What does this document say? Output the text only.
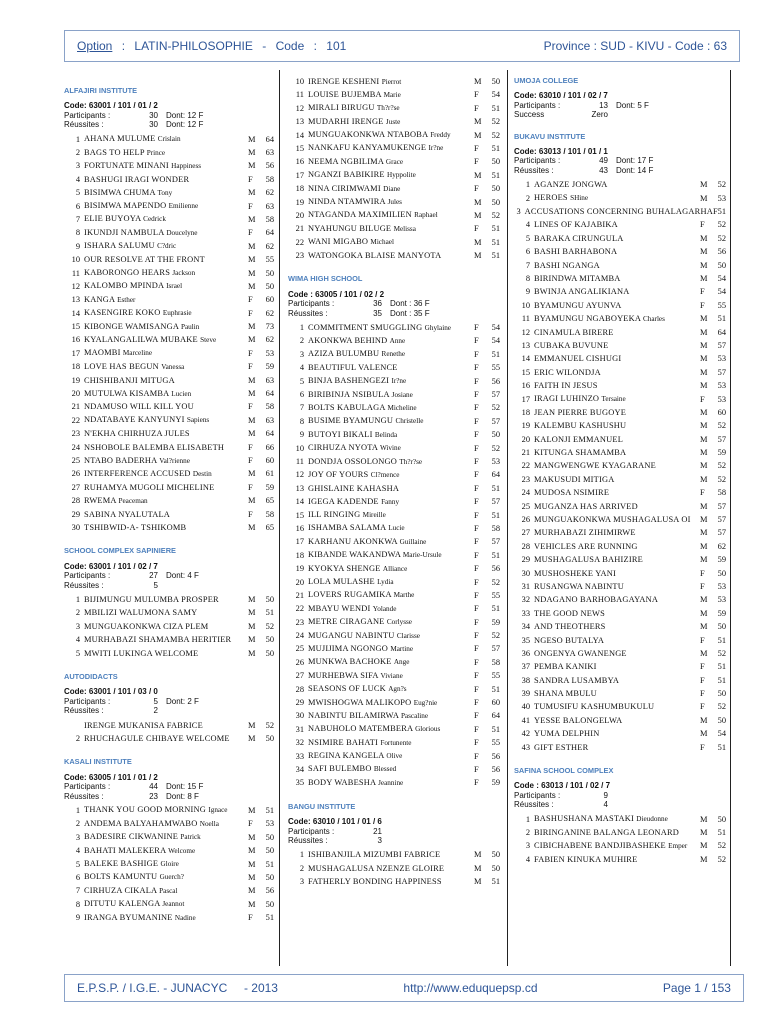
Option : LATIN-PHILOSOPHIE - Code : 101	Province : SUD - KIVU - Code : 63
ALFAJIRI INSTITUTE
Code: 63001 / 101 / 01 / 2
Participants :	30	Dont: 12 F
Réussites :	30	Dont: 12 F
1 AHANA MULUME Crislain	M	64
2 BAGS TO HELP Prince	M	63
3 FORTUNATE MINANI Happiness	M	56
4 BASHUGI IRAGI WONDER	F	58
5 BISIMWA CHUMA Tony	M	62
6 BISIMWA MAPENDO Emilienne	F	63
7 ELIE BUYOYA Cedrick	M	58
8 IKUNDJI NAMBULA Doucelyne	F	64
9 ISHARA SALUMU C?dric	M	62
10 OUR RESOLVE AT THE FRONT	M	55
11 KABORONGO HEARS Jackson	M	50
12 KALOMBO MPINDA Israel	M	50
13 KANGA Esther	F	60
14 KASENGIRE KOKO Euphrasie	F	62
15 KIBONGE WAMISANGA Paulin	M	73
16 KYALANGALILWA MUBAKE Steve	M	62
17 MAOMBI Marceline	F	53
18 LOVE HAS BEGUN Vanessa	F	59
19 CHISHIBANJI MITUGA	M	63
20 MUTULWA KISAMBA Lucien	M	64
21 NDAMUSO WILL KILL YOU	F	58
22 NDATABAYE KANYUNYI Sapiens	M	63
23 N'EKHA CHIRHUZA JULES	M	64
24 NSHOBOLE BALEMBA ELISABETH	F	66
25 NTABO BADERHA Val?rienne	F	60
26 INTERFERENCE ACCUSED Destin	M	61
27 RUHAMYA MUGOLI MICHELINE	F	59
28 RWEMA Peaceman	M	65
29 SABINA NYALUTALA	F	58
30 TSHIBWID-A- TSHIKOMB	M	65
SCHOOL COMPLEX SAPINIERE
Code: 63001 / 101 / 02 / 7
Participants :	27	Dont: 4 F
Réussites :	5
1 BIJIMUNGU MULUMBA PROSPER	M	50
2 MBILIZI WALUMONA SAMY	M	51
3 MUNGUAKONKWA CIZA PLEM	M	52
4 MURHABAZI SHAMAMBA HERITIER	M	50
5 MWITI LUKINGA WELCOME	M	50
AUTODIDACTS
Code: 63001 / 101 / 03 / 0
Participants :	5	Dont: 2 F
Réussites :	2
IRENGE MUKANISA FABRICE	M	52
2 RHUCHAGULE CHIBAYE WELCOME	M	50
KASALI INSTITUTE
Code: 63005 / 101 / 01 / 2
Participants :	44	Dont: 15 F
Réussites :	23	Dont: 8 F
1 THANK YOU GOOD MORNING Ignace	M	51
2 ANDEMA BALYAHAMWABO Noella	F	53
3 BADESIRE CIKWANINE Patrick	M	50
4 BAHATI MALEKERA Welcome	M	50
5 BALEKE BASHIGE Gloire	M	51
6 BOLTS KAMUNTU Guerch?	M	50
7 CIRHUZA CIKALA Pascal	M	56
8 DITUTU KALENGA Jeannot	M	50
9 IRANGA BYUMANINE Nadine	F	51
10 IRENGE KESHENI Pierrot	M	50
11 LOUISE BUJEMBA Marie	F	54
12 MIRALI BIRUGU Th?r?se	F	51
13 MUDARHI IRENGE Juste	M	52
14 MUNGUAKONKWA NTABOBA Freddy	M	52
15 NANKAFU KANYAMUKENGE Ir?ne	F	51
16 NEEMA NGBILIMA Grace	F	50
17 NGANZI BABIKIRE Hyppolite	M	51
18 NINA CIRIMWAMI Diane	F	50
19 NINDA NTAMWIRA Jules	M	50
20 NTAGANDA MAXIMILIEN Raphael	M	52
21 NYAHUNGU BILUGE Melissa	F	51
22 WANI MIGABO Michael	M	51
23 WATONGOKA BLAISE MANYOTA	M	51
WIMA HIGH SCHOOL
Code : 63005 / 101 / 02 / 2
Participants :	36	Dont : 36 F
Réussites :	35	Dont : 35 F
1 COMMITMENT SMUGGLING Ghylaine	F	54
2 AKONKWA BEHIND Anne	F	54
3 AZIZA BULUMBU Renethe	F	51
4 BEAUTIFUL VALENCE	F	55
5 BINJA BASHENGEZI Ir?ne	F	56
6 BIRIBINJA NSIBULA Josiane	F	57
7 BOLTS KABULAGA Micheline	F	52
8 BUSIME BYAMUNGU Christelle	F	57
9 BUTOYI BIKALI Belinda	F	50
10 CIRHUZA NYOTA Wivine	F	52
11 DONDJA OSSOLONGO Th?r?se	F	53
12 JOY OF YOURS Cl?mence	F	64
13 GHISLAINE KAHASHA	F	51
14 IGEGA KADENDE Fanny	F	57
15 ILL RINGING Mireille	F	51
16 ISHAMBA SALAMA Lucie	F	58
17 KARHANU AKONKWA Guillaine	F	57
18 KIBANDE WAKANDWA Marie-Ursule	F	51
19 KYOKYA SHENGE Alliance	F	56
20 LOLA MULASHE Lydia	F	52
21 LOVERS RUGAMIKA Marthe	F	55
22 MBAYU WENDI Yolande	F	51
23 METRE CIRAGANE Corlysse	F	59
24 MUGANGU NABINTU Clarisse	F	52
25 MUJIJIMA NGONGO Martine	F	57
26 MUNKWA BACHOKE Ange	F	58
27 MURHEBWA SIFA Viviane	F	55
28 SEASONS OF LUCK Agn?s	F	51
29 MWISHOGWA MALIKOPO Eug?nie	F	60
30 NABINTU BILAMIRWA Pascaline	F	64
31 NABUHOLO MATEMBERA Glorious	F	51
32 NSIMIRE BAHATI Fortunente	F	55
33 REGINA KANGELA Olive	F	56
34 SAFI BULEMBO Blessed	F	56
35 BODY WABESHA Jeannine	F	59
BANGU INSTITUTE
Code: 63010 / 101 / 01 / 6
Participants :	21
Réussites :	3
1 ISHIBANJILA MIZUMBI FABRICE	M	50
2 MUSHAGALUSA NZENZE GLOIRE	M	50
3 FATHERLY BONDING HAPPINESS	M	51
UMOJA COLLEGE
Code: 63010 / 101 / 02 / 7
Participants :	13	Dont: 5 F
Success	Zero
BUKAVU INSTITUTE
Code: 63013 / 101 / 01 / 1
Participants :	49	Dont: 17 F
Réussites :	43	Dont: 14 F
1 AGANZE JONGWA	M	52
2 HEROES SHine	M	53
3 ACCUSATIONS CONCERNING BUHALAGARHA F 51
4 LINES OF KAJABIKA	F	52
5 BARAKA CIRUNGULA	M	52
6 BASHI BARHABONA	M	56
7 BASHI NGANGA	M	50
8 BIRINDWA MITAMBA	M	54
9 BWINJA ANGALIKIANA	F	54
10 BYAMUNGU AYUNVA	F	55
11 BYAMUNGU NGABOYEKA Charles	M	51
12 CINAMULA BIRERE	M	64
13 CUBAKA BUVUNE	M	57
14 EMMANUEL CISHUGI	M	53
15 ERIC WILONDJA	M	57
16 FAITH IN JESUS	M	53
17 IRAGI LUHINZO Tersaine	F	53
18 JEAN PIERRE BUGOYE	M	60
19 KALEMBU KASHUSHU	M	52
20 KALONJI EMMANUEL	M	57
21 KITUNGA SHAMAMBA	M	59
22 MANGWENGWE KYAGARANE	M	52
23 MAKUSUDI MITIGA	M	52
24 MUDOSA NSIMIRE	F	58
25 MUGANZA HAS ARRIVED	M	57
26 MUNGUAKONKWA MUSHAGALUSA OI	M	57
27 MURHABAZI ZIHIMIRWE	M	57
28 VEHICLES ARE RUNNING	M	62
29 MUSHAGALUSA BAHIZIRE	M	59
30 MUSHOSHEKE YANI	F	50
31 RUSANGWA NABINTU	F	53
32 NDAGANO BARHOBAGAYANA	M	53
33 THE GOOD NEWS	M	59
34 AND THEOTHERS	M	50
35 NGESO BUTALYA	F	51
36 ONGENYA GWANENGE	M	52
37 PEMBA KANIKI	F	51
38 SANDRA LUSAMBYA	F	51
39 SHANA MBULU	F	50
40 TUMUSIFU KASHUMBUKULU	F	52
41 YESSE BALONGELWA	M	50
42 YUMA DELPHIN	M	54
43 GIFT ESTHER	F	51
SAFINA SCHOOL COMPLEX
Code : 63013 / 101 / 02 / 7
Participants :	9
Réussites :	4
1 BASHUSHANA MASTAKI Dieudonne	M	50
2 BIRINGANINE BALANGA LEONARD	M	51
3 CIBICHABENE BANDJIBASHEKE Emper	M	52
4 FABIEN KINUKA MUHIRE	M	52
E.P.S.P. / I.G.E. - JUNACYC - 2013	http://www.eduquepsp.cd	Page 1 / 153
